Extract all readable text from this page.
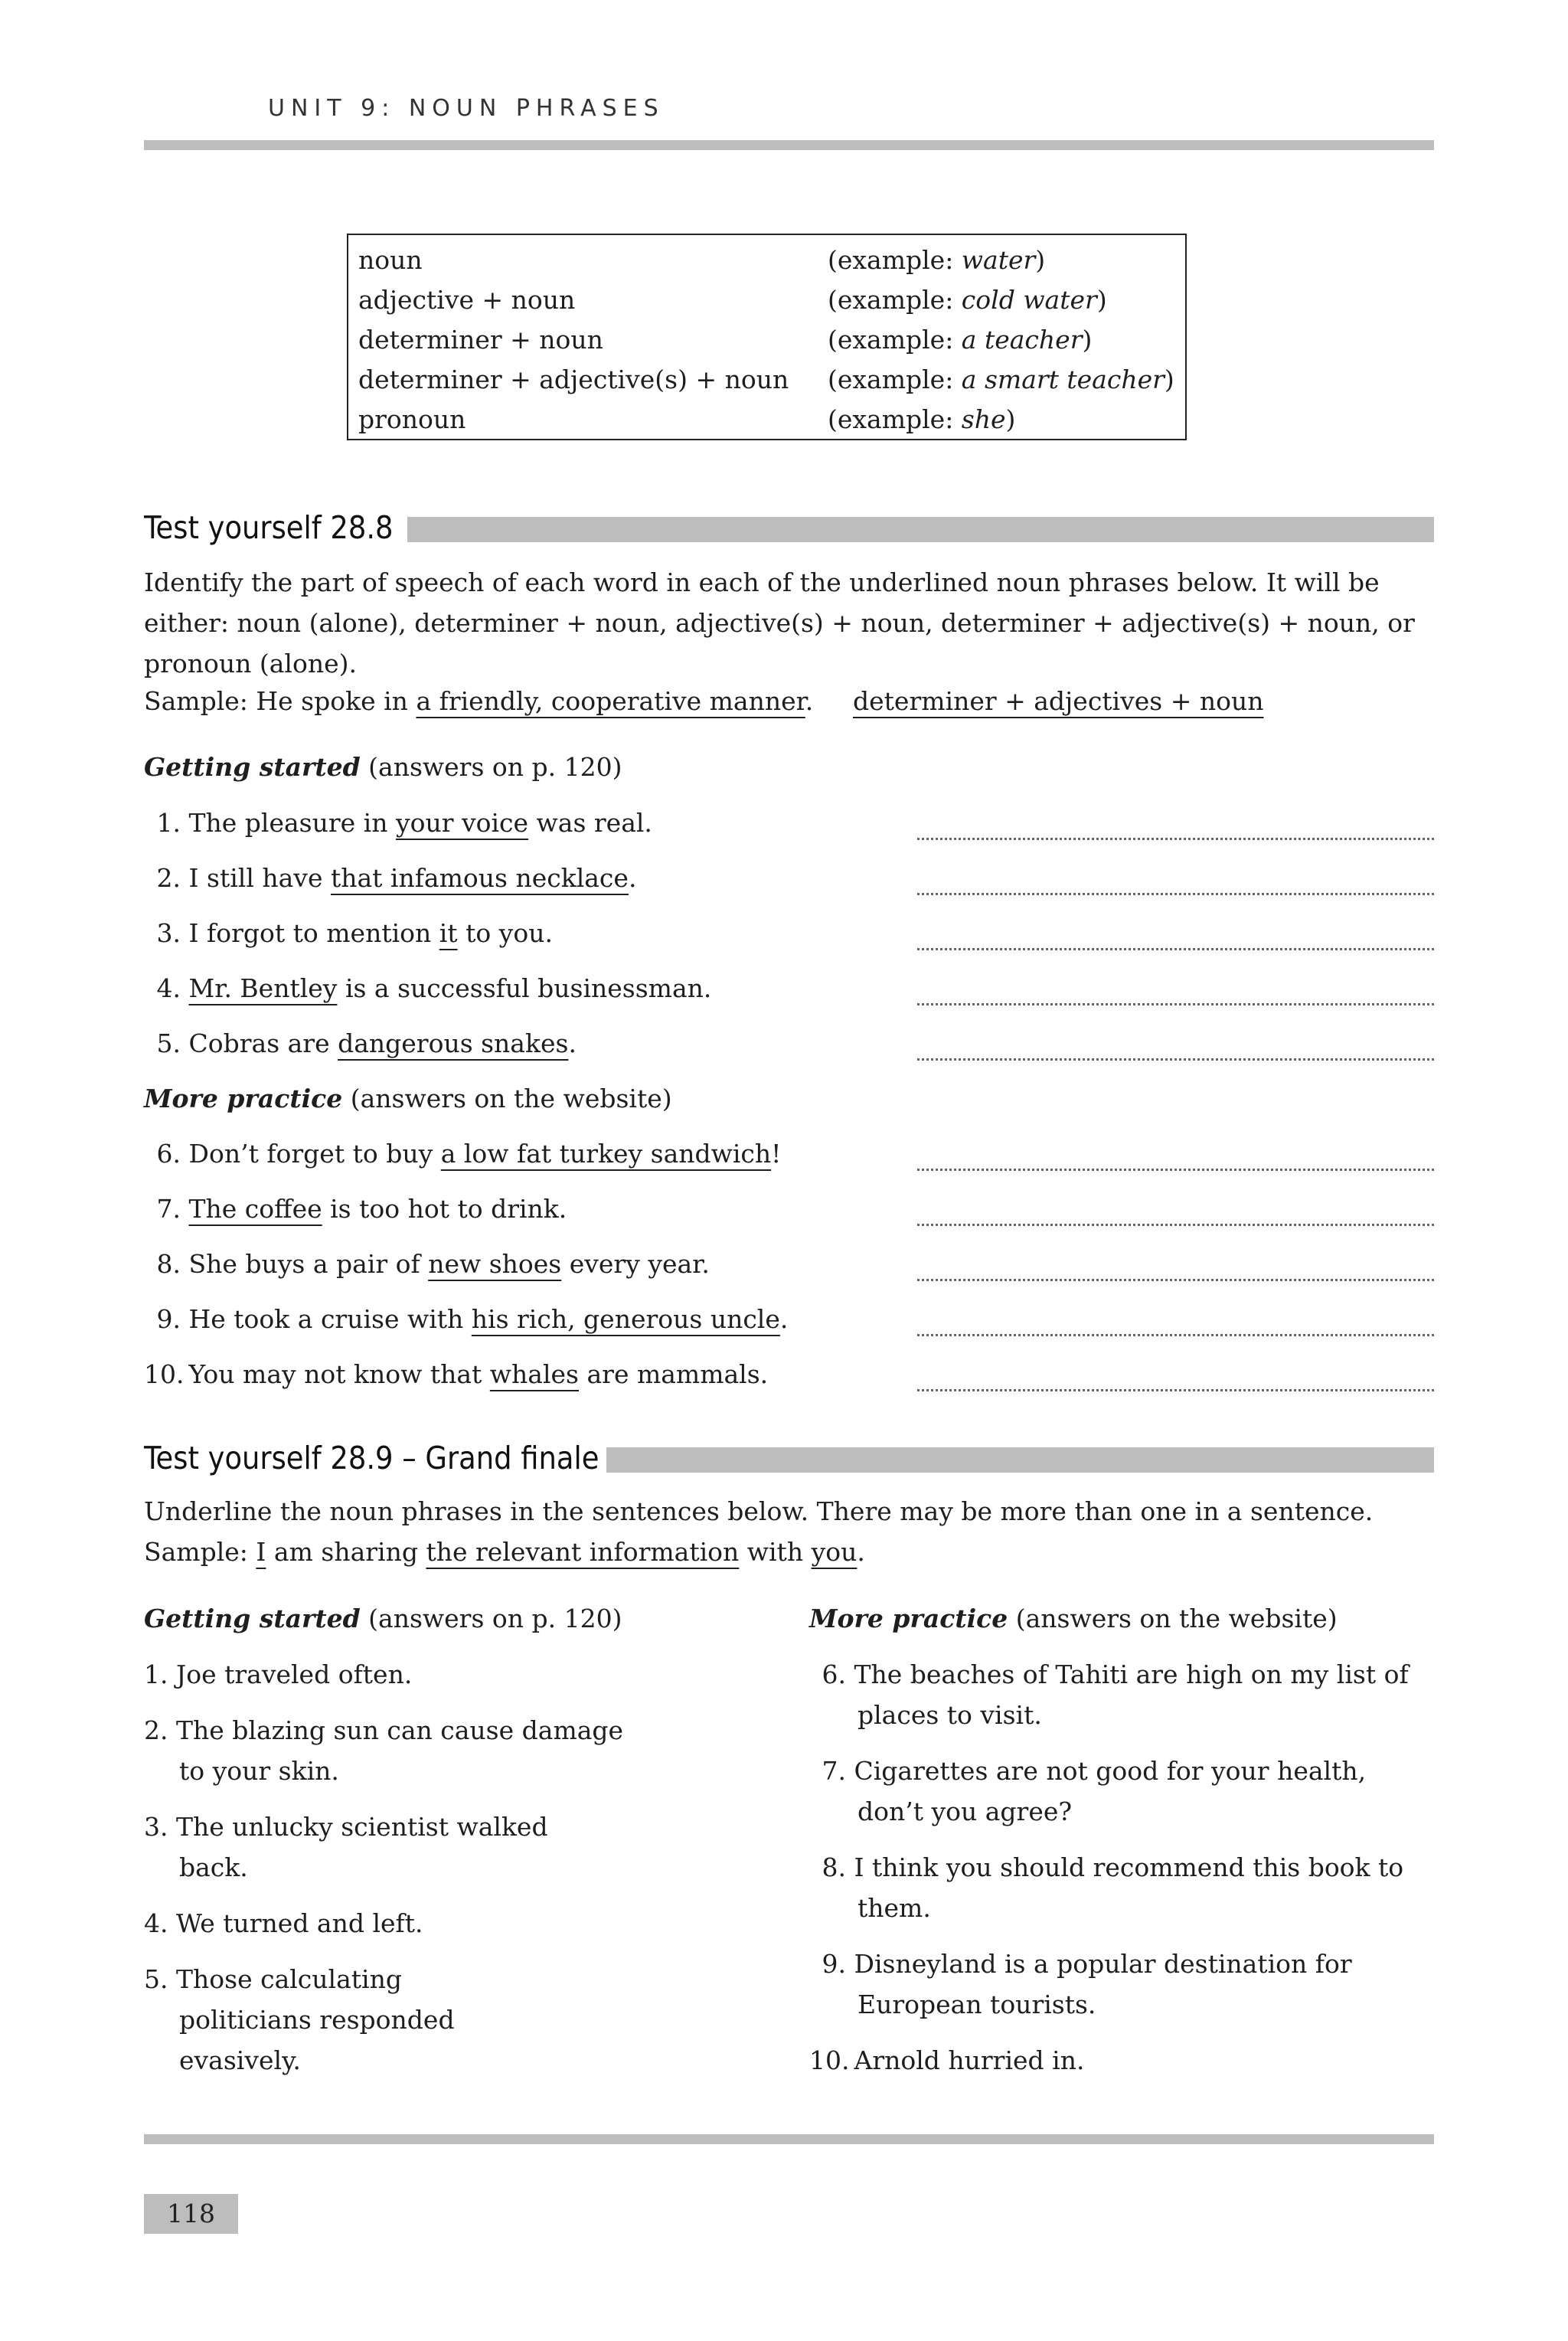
UNIT 9: NOUN PHRASES
noun	(example: water)
adjective + noun	(example: cold water)
determiner + noun	(example: a teacher)
determiner + adjective(s) + noun (example: a smart teacher)
pronoun	(example: she)
Test yourself 28.8
Identify the part of speech of each word in each of the underlined noun phrases below. It will be either: noun (alone), determiner + noun, adjective(s) + noun, determiner + adjective(s) + noun, or pronoun (alone).
Sample: He spoke in a friendly, cooperative manner. determiner + adjectives + noun
Getting started (answers on p. 120)
1. The pleasure in your voice was real.
2. I still have that infamous necklace.
3. I forgot to mention it to you.
4. Mr. Bentley is a successful businessman.
5. Cobras are dangerous snakes.
More practice (answers on the website)
6. Don’t forget to buy a low fat turkey sandwich!
7. The coffee is too hot to drink.
8. She buys a pair of new shoes every year.
9. He took a cruise with his rich, generous uncle.
10. You may not know that whales are mammals.
Test yourself 28.9 – Grand finale
Underline the noun phrases in the sentences below. There may be more than one in a sentence.
Sample: I am sharing the relevant information with you.
Getting started (answers on p. 120)
1. Joe traveled often.
2. The blazing sun can cause damage
to your skin.
3. The unlucky scientist walked
back.
4. We turned and left.
5. Those calculating
politicians responded
evasively.
More practice (answers on the website)
6. The beaches of Tahiti are high on my list of
places to visit.
7. Cigarettes are not good for your health,
don’t you agree?
8. I think you should recommend this book to
them.
9. Disneyland is a popular destination for
European tourists.
10. Arnold hurried in.
118
